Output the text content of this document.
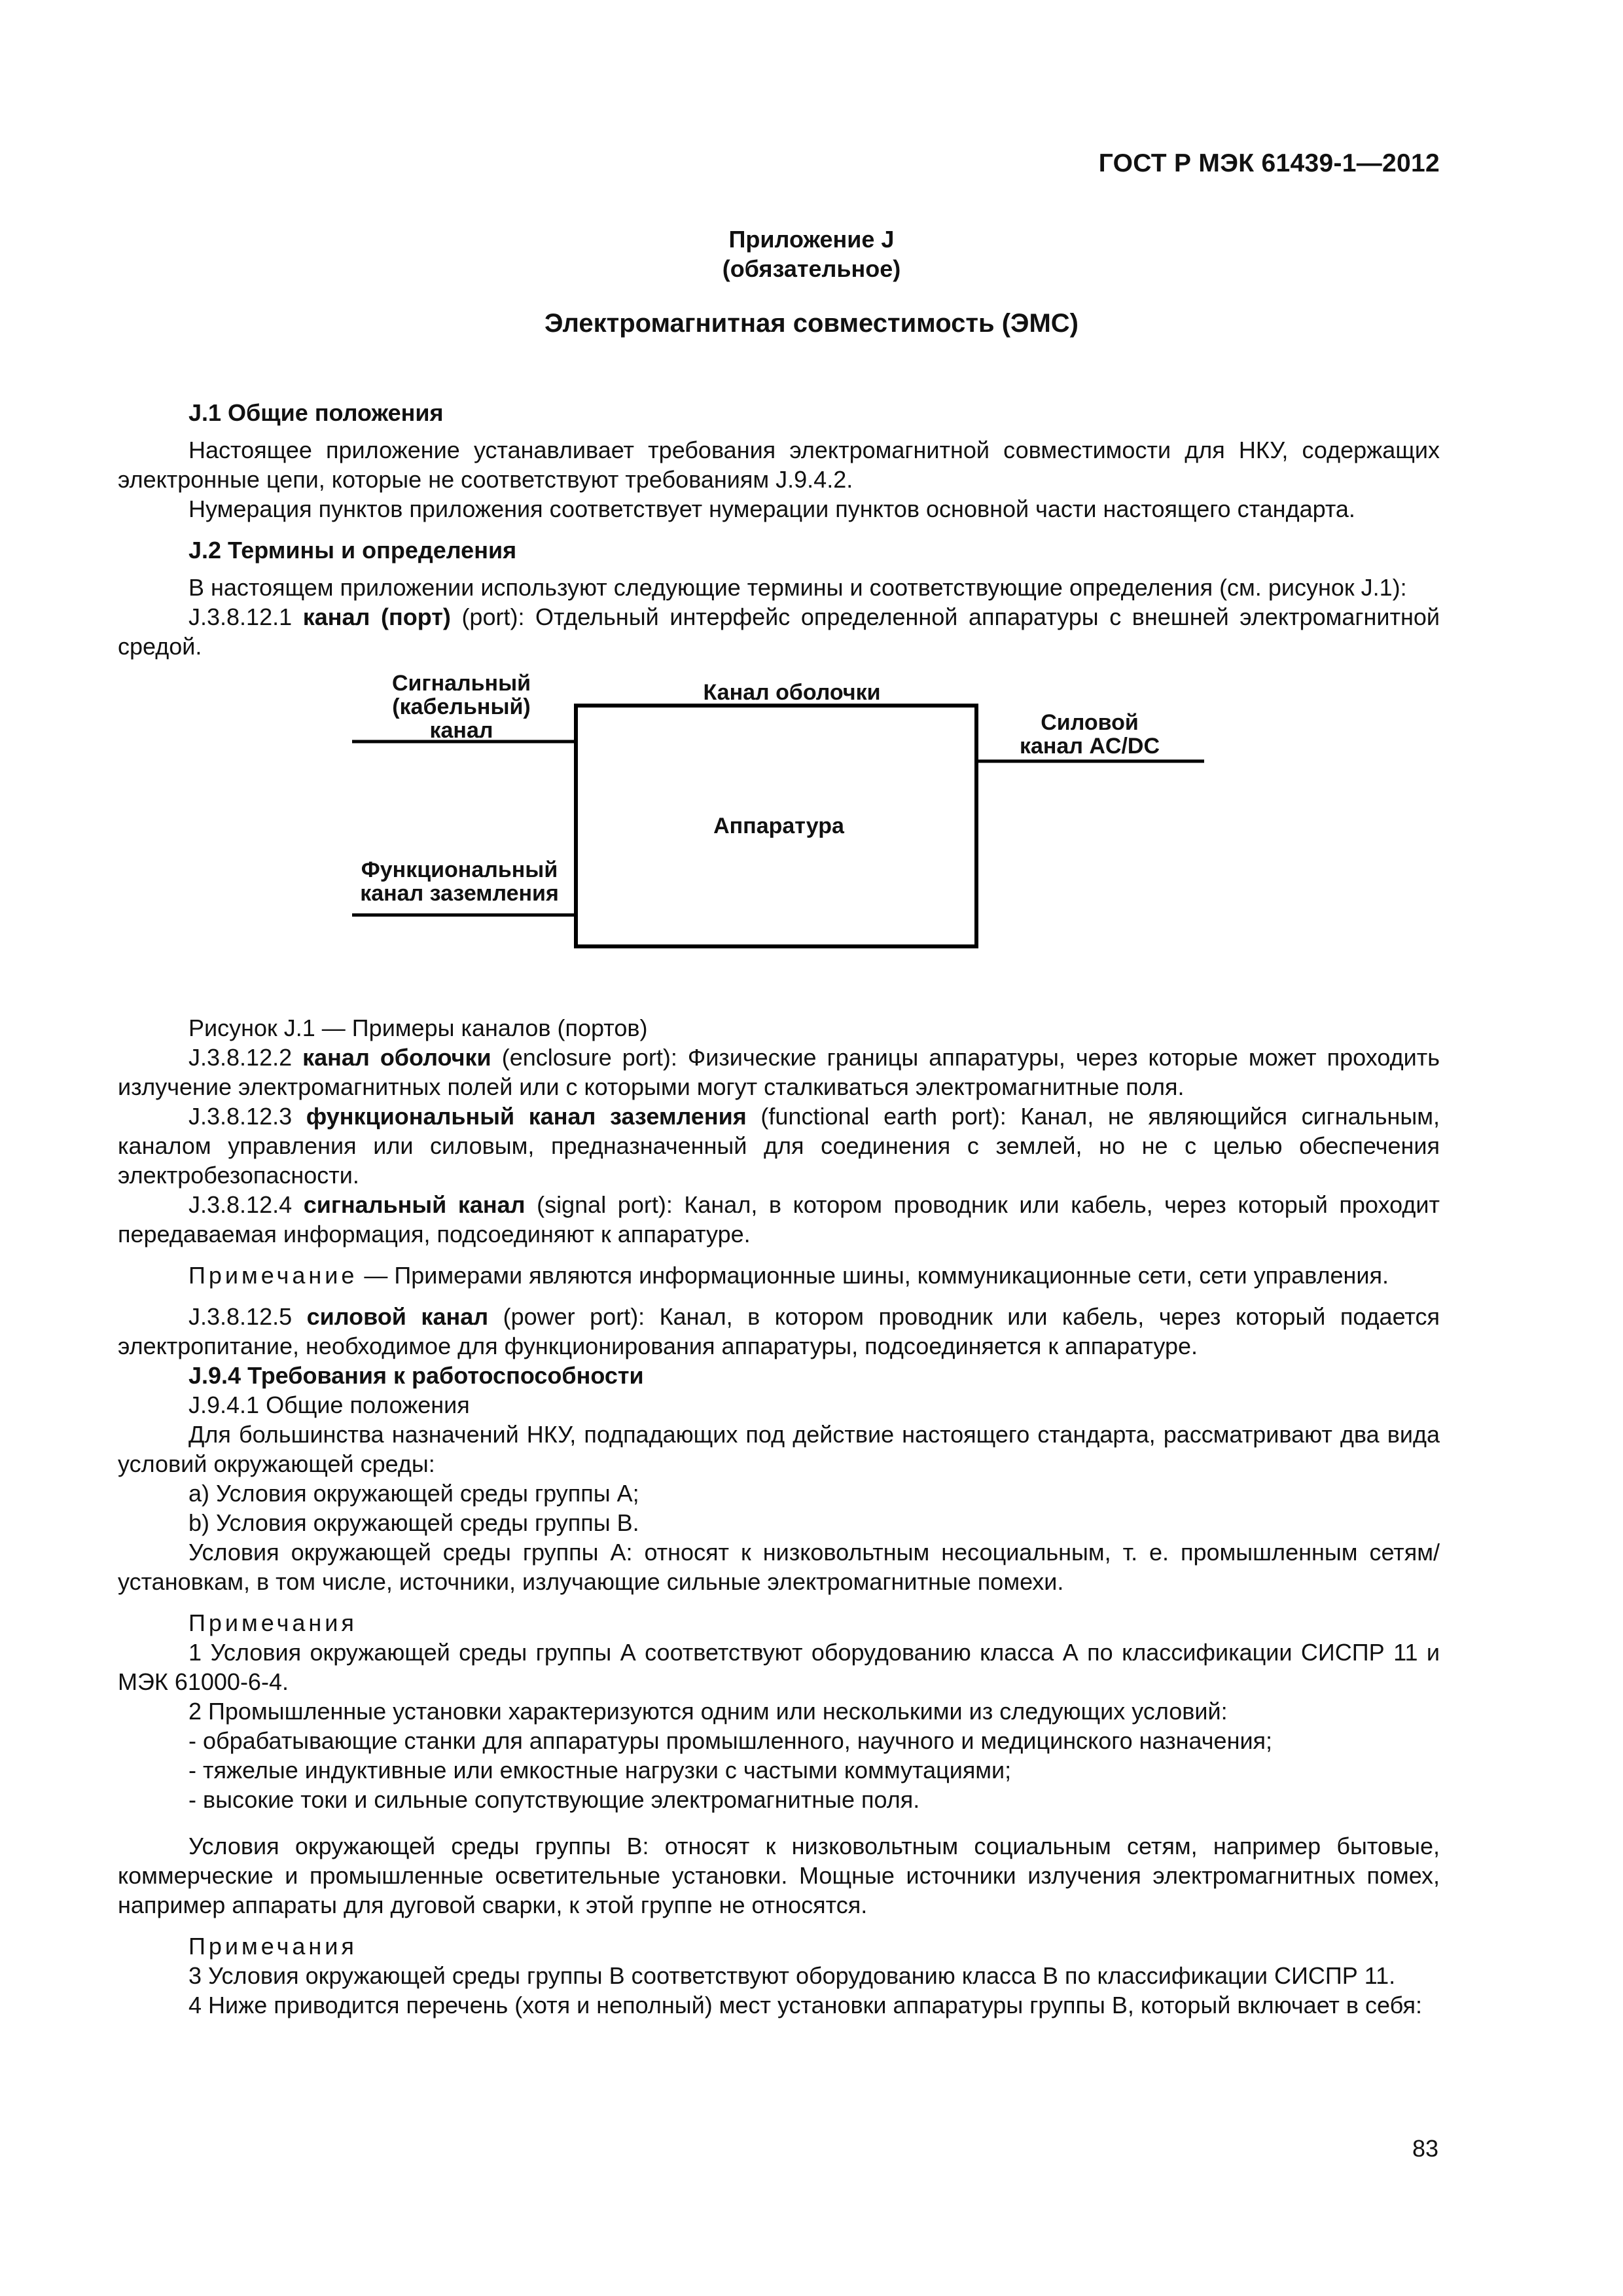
ГОСТ Р МЭК 61439-1—2012
Приложение J
(обязательное)
Электромагнитная совместимость (ЭМС)

J.1 Общие положения

Настоящее приложение устанавливает требования электромагнитной совместимости для НКУ, содержащих электронные цепи, которые не соответствуют требованиям J.9.4.2.

Нумерация пунктов приложения соответствует нумерации пунктов основной части настоящего стандарта.

J.2 Термины и определения

В настоящем приложении используют следующие термины и соответствующие определения (см. рисунок J.1):

J.3.8.12.1 канал (порт) (port): Отдельный интерфейс определенной аппаратуры с внешней электромагнитной средой.

Сигнальный (кабельный) канал
Канал оболочки
Силовой канал AC/DC
Аппаратура
Функциональный канал заземления

Рисунок J.1 — Примеры каналов (портов)

J.3.8.12.2 канал оболочки (enclosure port): Физические границы аппаратуры, через которые может проходить излучение электромагнитных полей или с которыми могут сталкиваться электромагнитные поля.

J.3.8.12.3 функциональный канал заземления (functional earth port): Канал, не являющийся сигнальным, каналом управления или силовым, предназначенный для соединения с землей, но не с целью обеспечения электробезопасности.

J.3.8.12.4 сигнальный канал (signal port): Канал, в котором проводник или кабель, через который проходит передаваемая информация, подсоединяют к аппаратуре.

Примечание — Примерами являются информационные шины, коммуникационные сети, сети управления.

J.3.8.12.5 силовой канал (power port): Канал, в котором проводник или кабель, через который подается электропитание, необходимое для функционирования аппаратуры, подсоединяется к аппаратуре.

J.9.4 Требования к работоспособности

J.9.4.1 Общие положения

Для большинства назначений НКУ, подпадающих под действие настоящего стандарта, рассматривают два вида условий окружающей среды:

а) Условия окружающей среды группы А;

b) Условия окружающей среды группы В.

Условия окружающей среды группы А: относят к низковольтным несоциальным, т. е. промышленным сетям/установкам, в том числе, источники, излучающие сильные электромагнитные помехи.

Примечания

1 Условия окружающей среды группы А соответствуют оборудованию класса А по классификации СИСПР 11 и МЭК 61000-6-4.

2 Промышленные установки характеризуются одним или несколькими из следующих условий:

- обрабатывающие станки для аппаратуры промышленного, научного и медицинского назначения;

- тяжелые индуктивные или емкостные нагрузки с частыми коммутациями;

- высокие токи и сильные сопутствующие электромагнитные поля.

Условия окружающей среды группы В: относят к низковольтным социальным сетям, например бытовые, коммерческие и промышленные осветительные установки. Мощные источники излучения электромагнитных помех, например аппараты для дуговой сварки, к этой группе не относятся.

Примечания

3 Условия окружающей среды группы В соответствуют оборудованию класса В по классификации СИСПР 11.

4 Ниже приводится перечень (хотя и неполный) мест установки аппаратуры группы В, который включает в себя:

83
